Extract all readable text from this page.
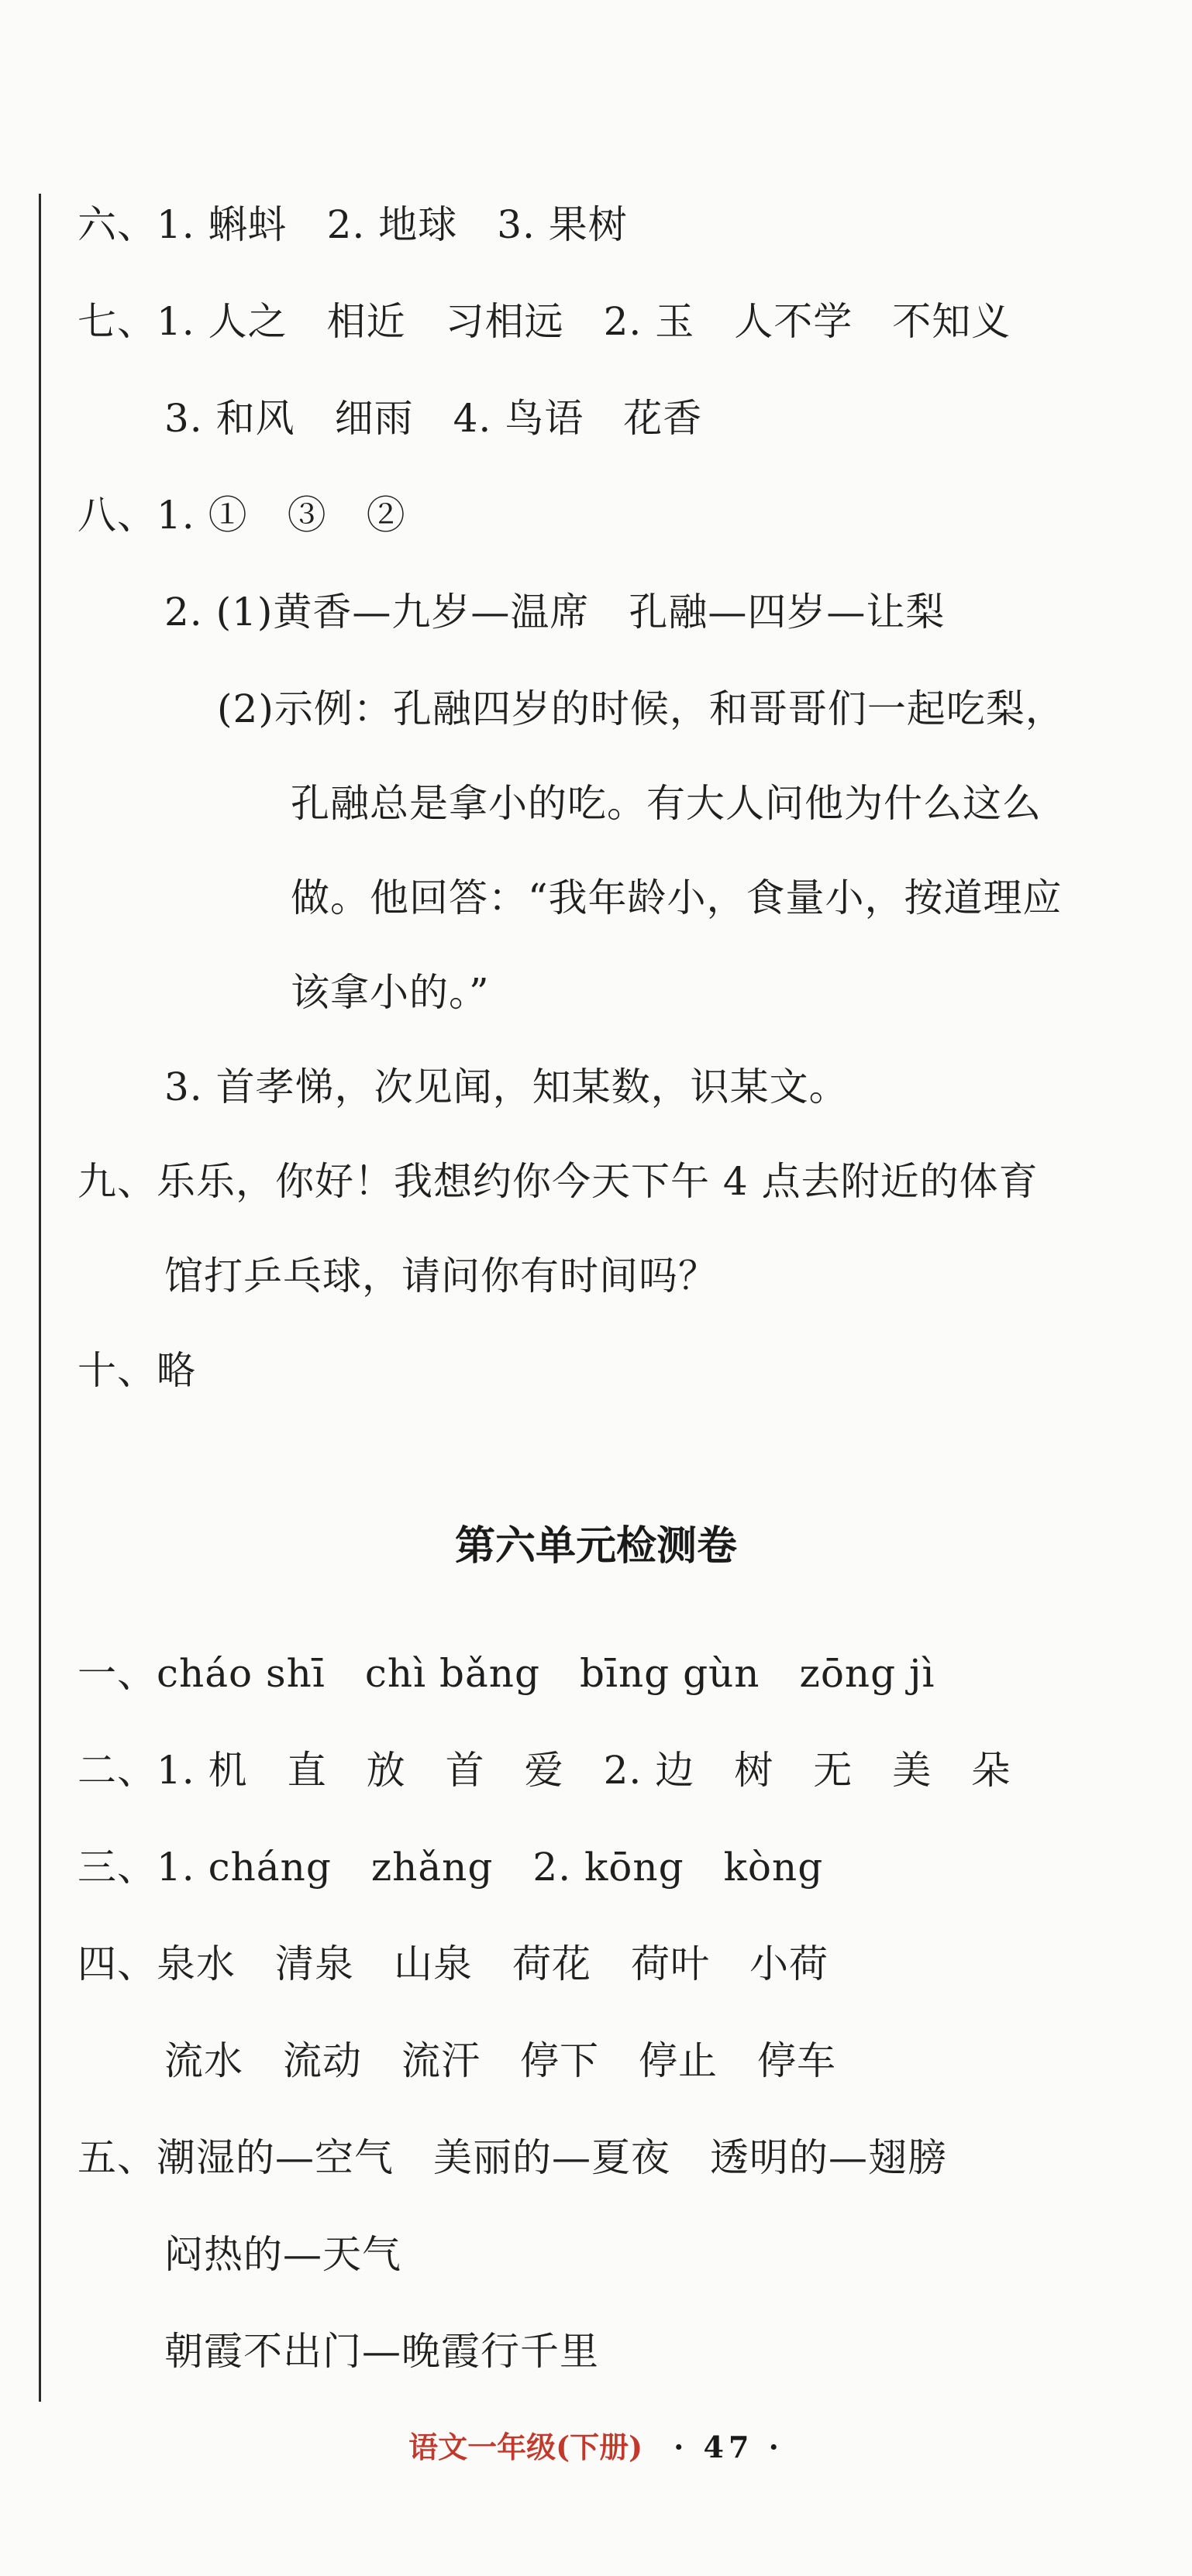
六、1. 蝌蚪　2. 地球　3. 果树
七、1. 人之　相近　习相远　2. 玉　人不学　不知义
3. 和风　细雨　4. 鸟语　花香
八、1. ①　③　②
2. (1)黄香—九岁—温席　孔融—四岁—让梨
(2)示例：孔融四岁的时候，和哥哥们一起吃梨，
孔融总是拿小的吃。有大人问他为什么这么
做。他回答：“我年龄小，食量小，按道理应
该拿小的。”
3. 首孝悌，次见闻，知某数，识某文。
九、乐乐，你好！我想约你今天下午 4 点去附近的体育
馆打乒乓球，请问你有时间吗？
十、略
第六单元检测卷
一、cháo shī　chì bǎng　bīng gùn　zōng jì
二、1. 机　直　放　首　爱　2. 边　树　无　美　朵
三、1. cháng　zhǎng　2. kōng　kòng
四、泉水　清泉　山泉　荷花　荷叶　小荷
流水　流动　流汗　停下　停止　停车
五、潮湿的—空气　美丽的—夏夜　透明的—翅膀
闷热的—天气
朝霞不出门—晚霞行千里
语文一年级(下册) · 47 ·
